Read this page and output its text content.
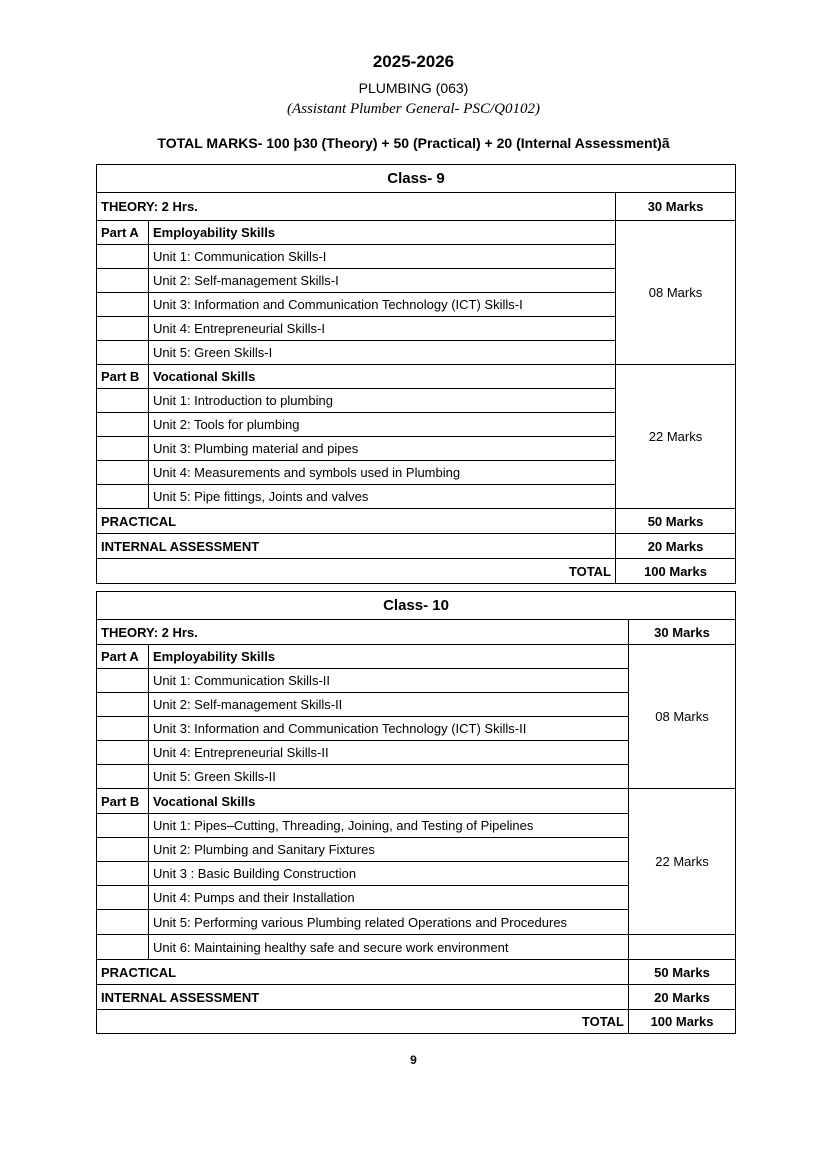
2025-2026
PLUMBING (063)
(Assistant Plumber General- PSC/Q0102)
TOTAL MARKS- 100 þ30 (Theory) + 50 (Practical) + 20 (Internal Assessment)ã
Class- 9		
THEORY: 2 Hrs.		30 Marks
Part A	Employability Skills	08 Marks
	Unit 1: Communication Skills-I	
	Unit 2: Self-management Skills-I	
	Unit 3: Information and Communication Technology (ICT) Skills-I	
	Unit 4: Entrepreneurial Skills-I	
	Unit 5: Green Skills-I	
Part B	Vocational Skills	22 Marks
	Unit 1: Introduction to plumbing	
	Unit 2: Tools for plumbing	
	Unit 3: Plumbing material and pipes	
	Unit 4: Measurements and symbols used in Plumbing	
	Unit 5: Pipe fittings, Joints and valves	
PRACTICAL		50 Marks
INTERNAL ASSESSMENT		20 Marks
TOTAL		100 Marks
Class- 10		
THEORY: 2 Hrs.		30 Marks
Part A	Employability Skills	08 Marks
	Unit 1: Communication Skills-II	
	Unit 2: Self-management Skills-II	
	Unit 3: Information and Communication Technology (ICT) Skills-II	
	Unit 4: Entrepreneurial Skills-II	
	Unit 5: Green Skills-II	
Part B	Vocational Skills	22 Marks
	Unit 1: Pipes–Cutting, Threading, Joining, and Testing of Pipelines	
	Unit 2: Plumbing and Sanitary Fixtures	
	Unit 3 : Basic Building Construction	
	Unit 4: Pumps and their Installation	
	Unit 5: Performing various Plumbing related Operations and Procedures	
	Unit 6: Maintaining healthy safe and secure work environment	
PRACTICAL		50 Marks
INTERNAL ASSESSMENT		20 Marks
TOTAL		100 Marks
9
